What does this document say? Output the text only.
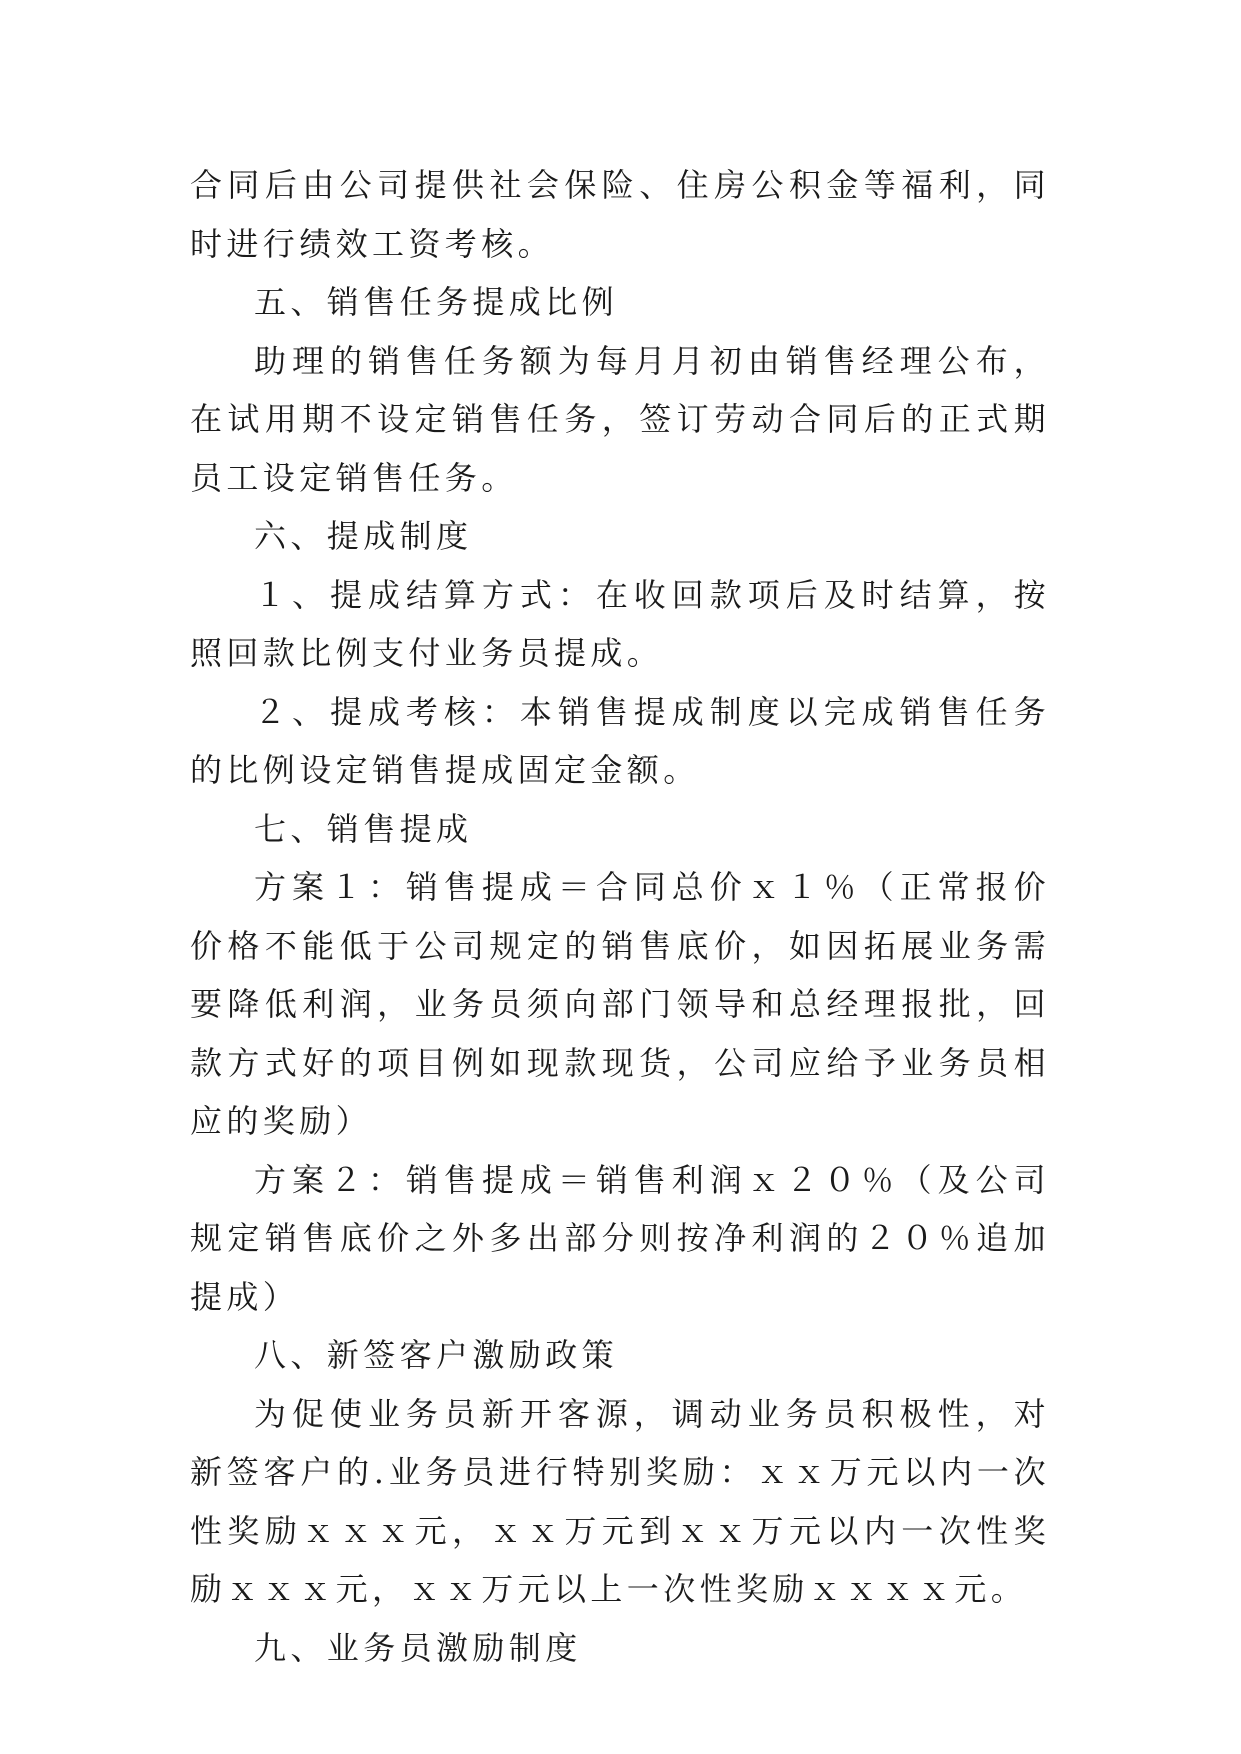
合同后由公司提供社会保险、住房公积金等福利，同时进行绩效工资考核。

五、销售任务提成比例

助理的销售任务额为每月月初由销售经理公布，在试用期不设定销售任务，签订劳动合同后的正式期员工设定销售任务。

六、提成制度

１、提成结算方式：在收回款项后及时结算，按照回款比例支付业务员提成。

２、提成考核：本销售提成制度以完成销售任务的比例设定销售提成固定金额。

七、销售提成

方案１：销售提成＝合同总价ｘ１％（正常报价价格不能低于公司规定的销售底价，如因拓展业务需要降低利润，业务员须向部门领导和总经理报批，回款方式好的项目例如现款现货，公司应给予业务员相应的奖励）

方案２：销售提成＝销售利润ｘ２０％（及公司规定销售底价之外多出部分则按净利润的２０％追加提成）

八、新签客户激励政策

为促使业务员新开客源，调动业务员积极性，对新签客户的.业务员进行特别奖励：ｘｘ万元以内一次性奖励ｘｘｘ元，ｘｘ万元到ｘｘ万元以内一次性奖励ｘｘｘ元，ｘｘ万元以上一次性奖励ｘｘｘｘ元。

九、业务员激励制度
